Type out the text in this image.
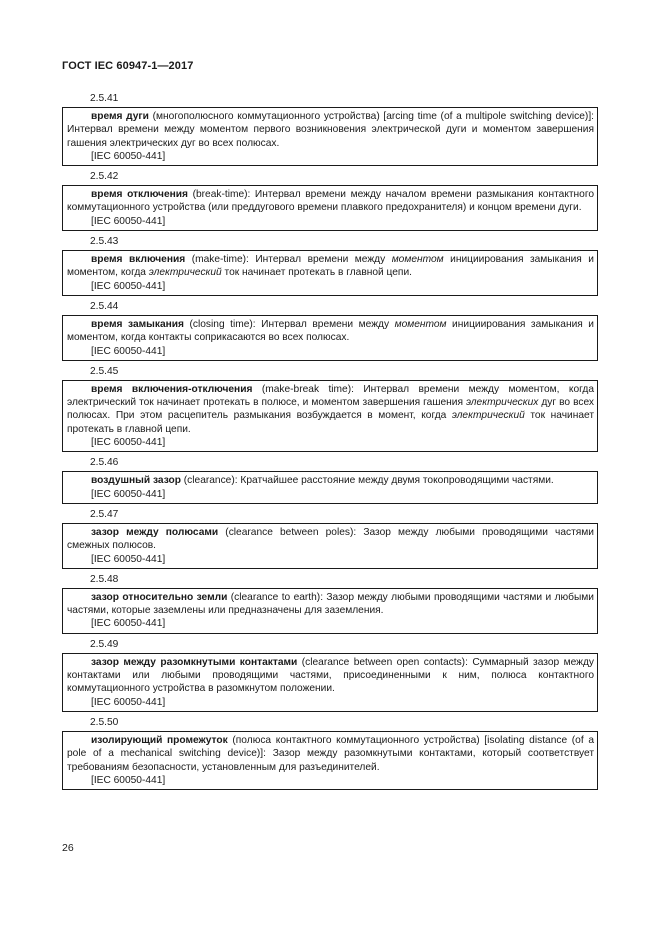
ГОСТ IEC 60947-1—2017
2.5.41
время дуги (многополюсного коммутационного устройства) [arcing time (of a multipole switching device)]: Интервал времени между моментом первого возникновения электрической дуги и моментом завершения гашения электрических дуг во всех полюсах.
[IEC 60050-441]
2.5.42
время отключения (break-time): Интервал времени между началом времени размыкания контактного коммутационного устройства (или преддугового времени плавкого предохранителя) и концом времени дуги.
[IEC 60050-441]
2.5.43
время включения (make-time): Интервал времени между моментом инициирования замыкания и моментом, когда электрический ток начинает протекать в главной цепи.
[IEC 60050-441]
2.5.44
время замыкания (closing time): Интервал времени между моментом инициирования замыкания и моментом, когда контакты соприкасаются во всех полюсах.
[IEC 60050-441]
2.5.45
время включения-отключения (make-break time): Интервал времени между моментом, когда электрический ток начинает протекать в полюсе, и моментом завершения гашения электрических дуг во всех полюсах. При этом расцепитель размыкания возбуждается в момент, когда электрический ток начинает протекать в главной цепи.
[IEC 60050-441]
2.5.46
воздушный зазор (clearance): Кратчайшее расстояние между двумя токопроводящими частями.
[IEC 60050-441]
2.5.47
зазор между полюсами (clearance between poles): Зазор между любыми проводящими частями смежных полюсов.
[IEC 60050-441]
2.5.48
зазор относительно земли (clearance to earth): Зазор между любыми проводящими частями и любыми частями, которые заземлены или предназначены для заземления.
[IEC 60050-441]
2.5.49
зазор между разомкнутыми контактами (clearance between open contacts): Суммарный зазор между контактами или любыми проводящими частями, присоединенными к ним, полюса контактного коммутационного устройства в разомкнутом положении.
[IEC 60050-441]
2.5.50
изолирующий промежуток (полюса контактного коммутационного устройства) [isolating distance (of a pole of a mechanical switching device)]: Зазор между разомкнутыми контактами, который соответствует требованиям безопасности, установленным для разъединителей.
[IEC 60050-441]
26
